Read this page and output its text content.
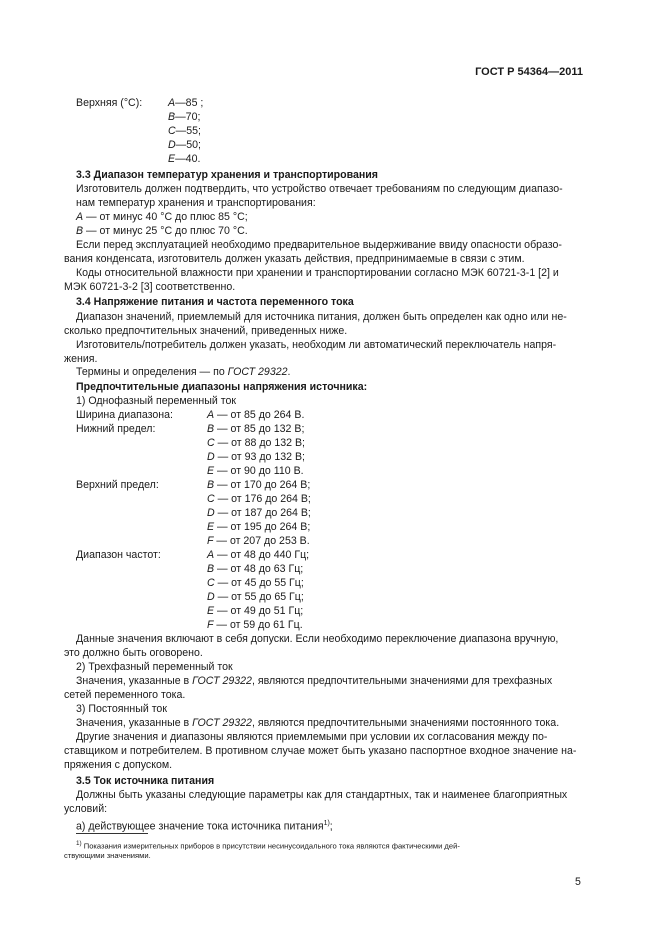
ГОСТ Р 54364—2011
Верхняя (°С): A—85 ;
B—70;
C—55;
D—50;
E—40.
3.3 Диапазон температур хранения и транспортирования
Изготовитель должен подтвердить, что устройство отвечает требованиям по следующим диапазо-
нам температур хранения и транспортирования:
A — от минус 40 °С до плюс 85 °С;
B — от минус 25 °С до плюс 70 °С.
Если перед эксплуатацией необходимо предварительное выдерживание ввиду опасности образо-
вания конденсата, изготовитель должен указать действия, предпринимаемые в связи с этим.
Коды относительной влажности при хранении и транспортировании согласно МЭК 60721-3-1 [2] и
МЭК 60721-3-2 [3] соответственно.
3.4 Напряжение питания и частота переменного тока
Диапазон значений, приемлемый для источника питания, должен быть определен как одно или не-
сколько предпочтительных значений, приведенных ниже.
Изготовитель/потребитель должен указать, необходим ли автоматический переключатель напря-
жения.
Термины и определения — по ГОСТ 29322.
Предпочтительные диапазоны напряжения источника:
1) Однофазный переменный ток
Ширина диапазона:	A — от 85 до 264 В.
Нижний предел:	B — от 85 до 132 В;
C — от 88 до 132 В;
D — от 93 до 132 В;
E — от 90 до 110 В.
Верхний предел:	B — от 170 до 264 В;
C — от 176 до 264 В;
D — от 187 до 264 В;
E — от 195 до 264 В;
F — от 207 до 253 В.
Диапазон частот:	A — от 48 до 440 Гц;
B — от 48 до 63 Гц;
C — от 45 до 55 Гц;
D — от 55 до 65 Гц;
E — от 49 до 51 Гц;
F — от 59 до 61 Гц.
Данные значения включают в себя допуски. Если необходимо переключение диапазона вручную,
это должно быть оговорено.
2) Трехфазный переменный ток
Значения, указанные в ГОСТ 29322, являются предпочтительными значениями для трехфазных
сетей переменного тока.
3) Постоянный ток
Значения, указанные в ГОСТ 29322, являются предпочтительными значениями постоянного тока.
Другие значения и диапазоны являются приемлемыми при условии их согласования между по-
ставщиком и потребителем. В противном случае может быть указано паспортное входное значение на-
пряжения с допуском.
3.5 Ток источника питания
Должны быть указаны следующие параметры как для стандартных, так и наименее благоприятных
условий:
а) действующее значение тока источника питания$^{1)}$;
$^{1)}$ Показания измерительных приборов в присутствии несинусоидального тока являются фактическими дей-
ствующими значениями.
5
